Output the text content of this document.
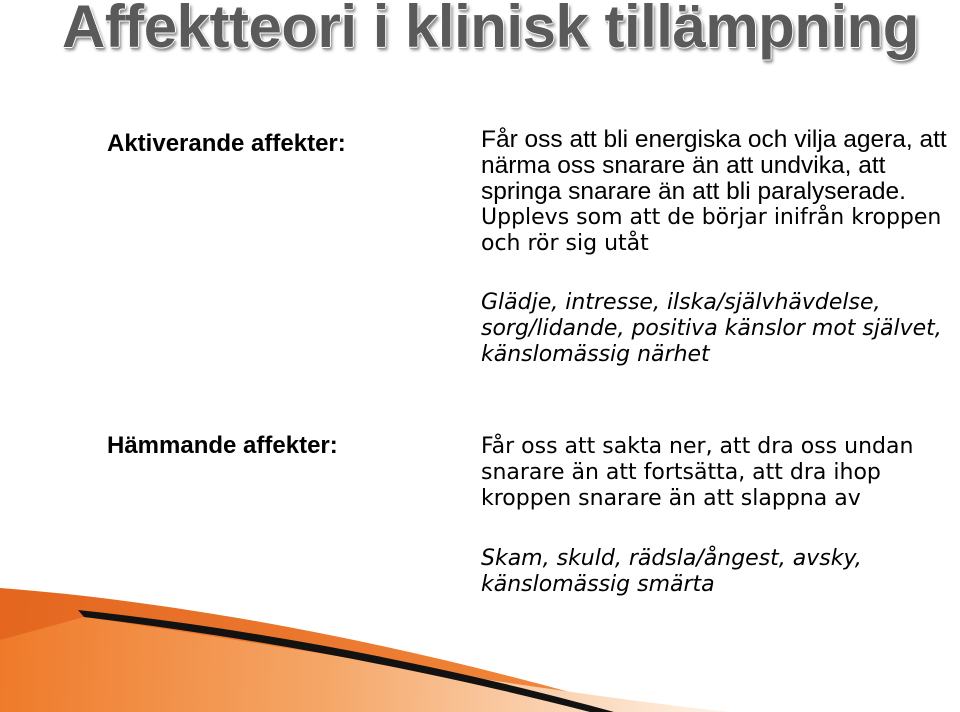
Affektteori i klinisk tillämpning
Aktiverande affekter:	Får oss att bli energiska och vilja agera, att
närma oss snarare än att undvika, att
springa snarare än att bli paralyserade.
Upplevs som att de börjar inifrån kroppen
och rör sig utåt
Glädje, intresse, ilska/självhävdelse,
sorg/lidande, positiva känslor mot självet,
känslomässig närhet
Hämmande affekter:	Får oss att sakta ner, att dra oss undan
snarare än att fortsätta, att dra ihop
kroppen snarare än att slappna av
Skam, skuld, rädsla/ångest, avsky,
känslomässig smärta
